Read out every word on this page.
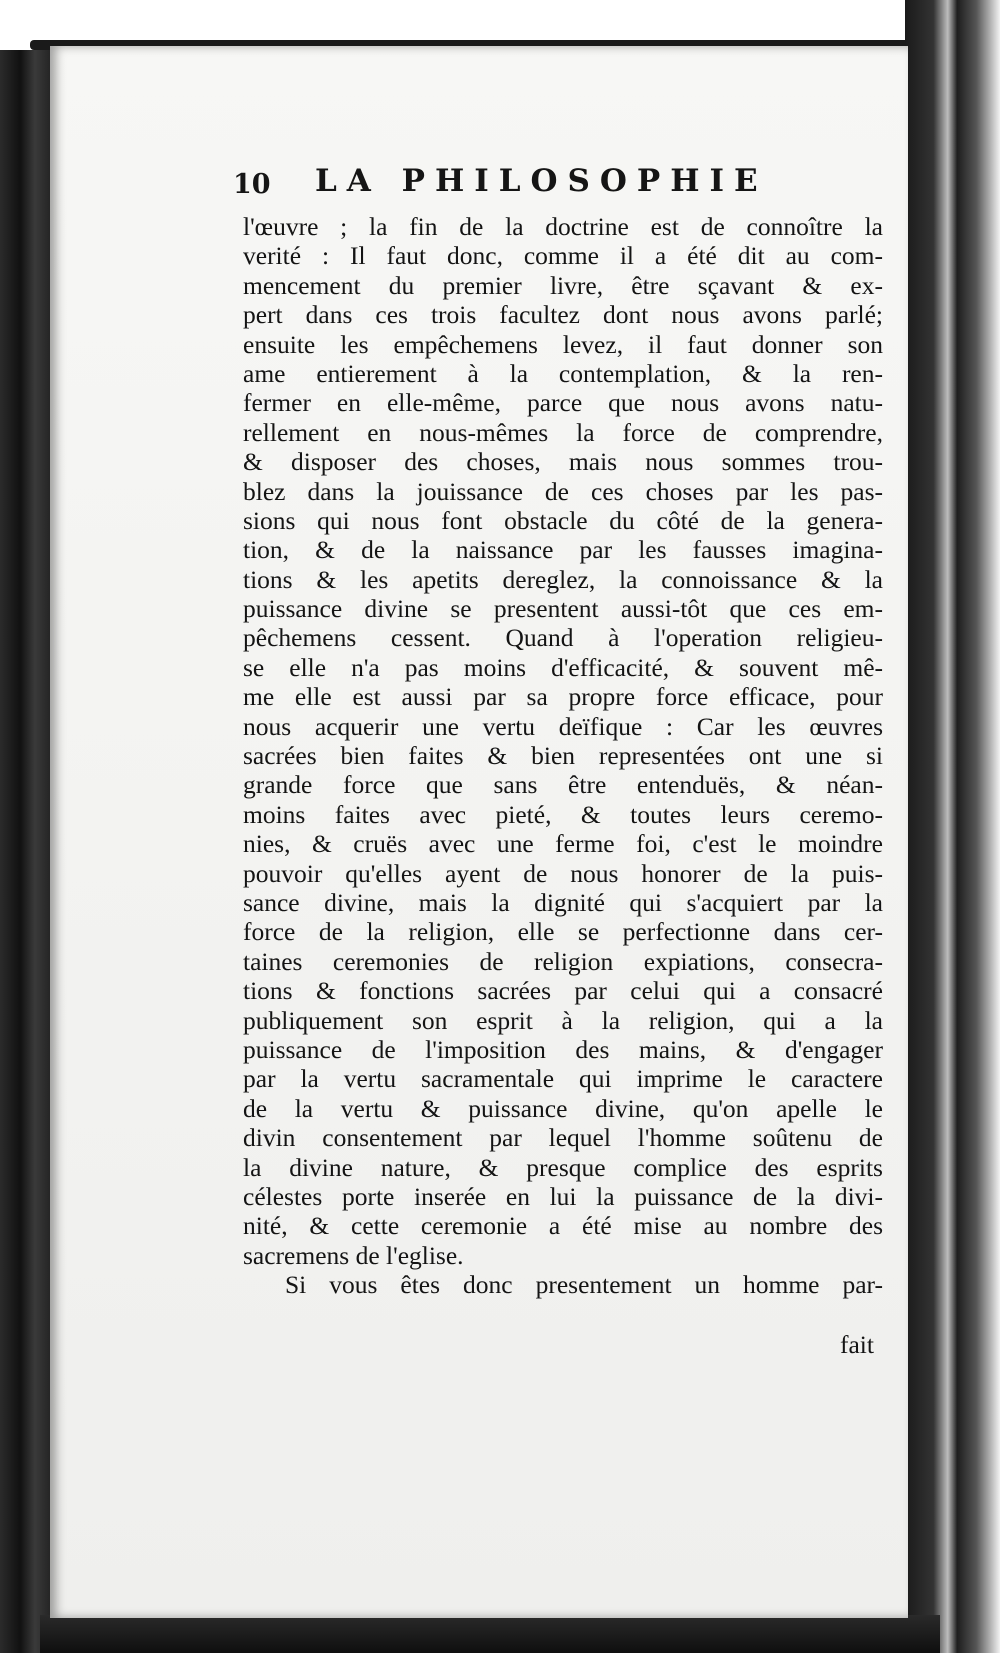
10 LA PHILOSOPHIE
l'œuvre ; la fin de la doctrine est de connoître la
verité : Il faut donc, comme il a été dit au com-
mencement du premier livre, être sçavant & ex-
pert dans ces trois facultez dont nous avons parlé;
ensuite les empêchemens levez, il faut donner son
ame entierement à la contemplation, & la ren-
fermer en elle-même, parce que nous avons natu-
rellement en nous-mêmes la force de comprendre,
& disposer des choses, mais nous sommes trou-
blez dans la jouissance de ces choses par les pas-
sions qui nous font obstacle du côté de la genera-
tion, & de la naissance par les fausses imagina-
tions & les apetits dereglez, la connoissance & la
puissance divine se presentent aussi-tôt que ces em-
pêchemens cessent. Quand à l'operation religieu-
se elle n'a pas moins d'efficacité, & souvent mê-
me elle est aussi par sa propre force efficace, pour
nous acquerir une vertu deïfique : Car les œuvres
sacrées bien faites & bien representées ont une si
grande force que sans être entenduës, & néan-
moins faites avec pieté, & toutes leurs ceremo-
nies, & cruës avec une ferme foi, c'est le moindre
pouvoir qu'elles ayent de nous honorer de la puis-
sance divine, mais la dignité qui s'acquiert par la
force de la religion, elle se perfectionne dans cer-
taines ceremonies de religion expiations, consecra-
tions & fonctions sacrées par celui qui a consacré
publiquement son esprit à la religion, qui a la
puissance de l'imposition des mains, & d'engager
par la vertu sacramentale qui imprime le caractere
de la vertu & puissance divine, qu'on apelle le
divin consentement par lequel l'homme soûtenu de
la divine nature, & presque complice des esprits
célestes porte inserée en lui la puissance de la divi-
nité, & cette ceremonie a été mise au nombre des
sacremens de l'eglise.
Si vous êtes donc presentement un homme par-
fait
